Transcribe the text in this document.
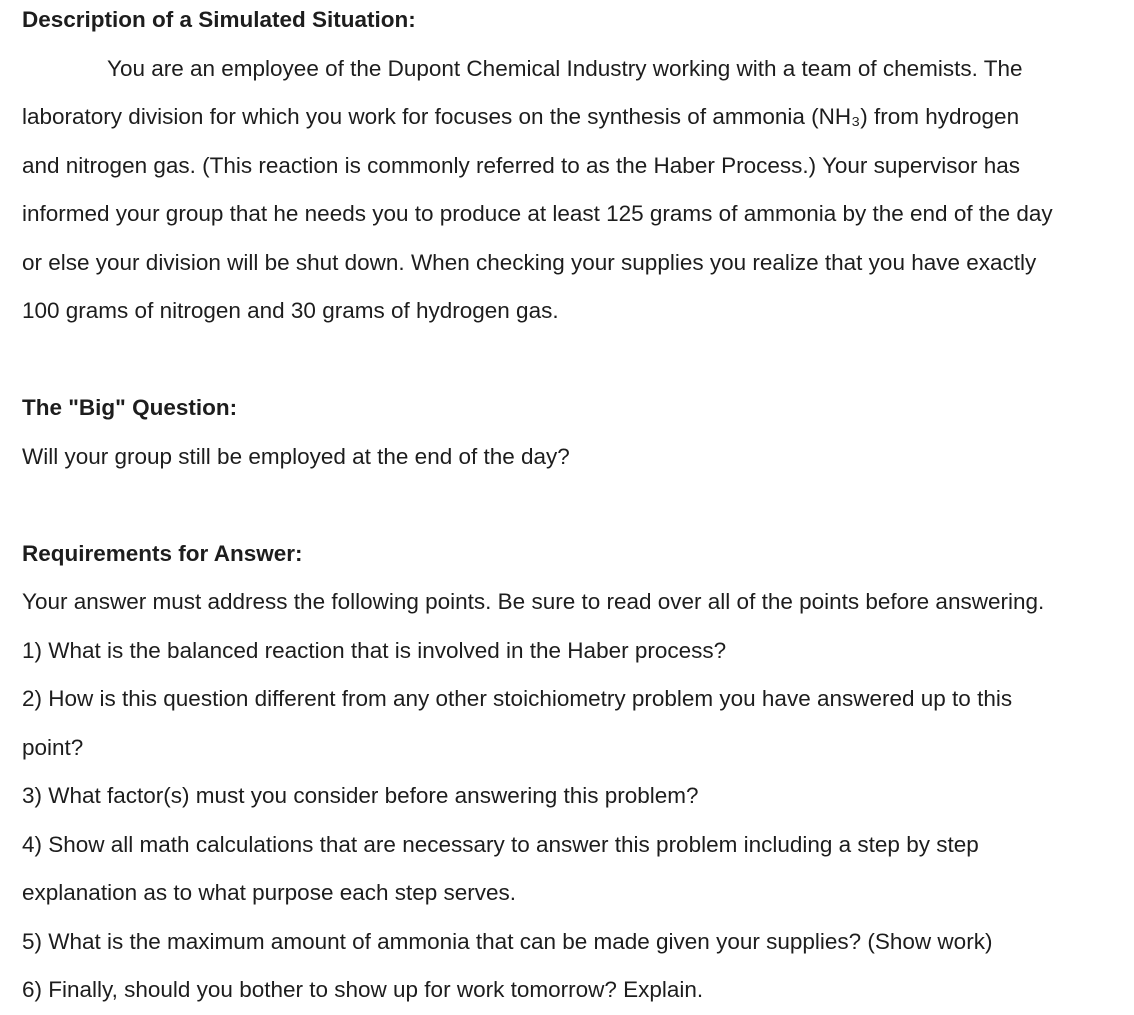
Description of a Simulated Situation:
You are an employee of the Dupont Chemical Industry working with a team of chemists. The
laboratory division for which you work for focuses on the synthesis of ammonia (NH₃) from hydrogen
and nitrogen gas. (This reaction is commonly referred to as the Haber Process.) Your supervisor has
informed your group that he needs you to produce at least 125 grams of ammonia by the end of the day
or else your division will be shut down. When checking your supplies you realize that you have exactly
100 grams of nitrogen and 30 grams of hydrogen gas.
The "Big" Question:
Will your group still be employed at the end of the day?
Requirements for Answer:
Your answer must address the following points. Be sure to read over all of the points before answering.
1) What is the balanced reaction that is involved in the Haber process?
2) How is this question different from any other stoichiometry problem you have answered up to this
point?
3) What factor(s) must you consider before answering this problem?
4) Show all math calculations that are necessary to answer this problem including a step by step
explanation as to what purpose each step serves.
5) What is the maximum amount of ammonia that can be made given your supplies? (Show work)
6) Finally, should you bother to show up for work tomorrow? Explain.
